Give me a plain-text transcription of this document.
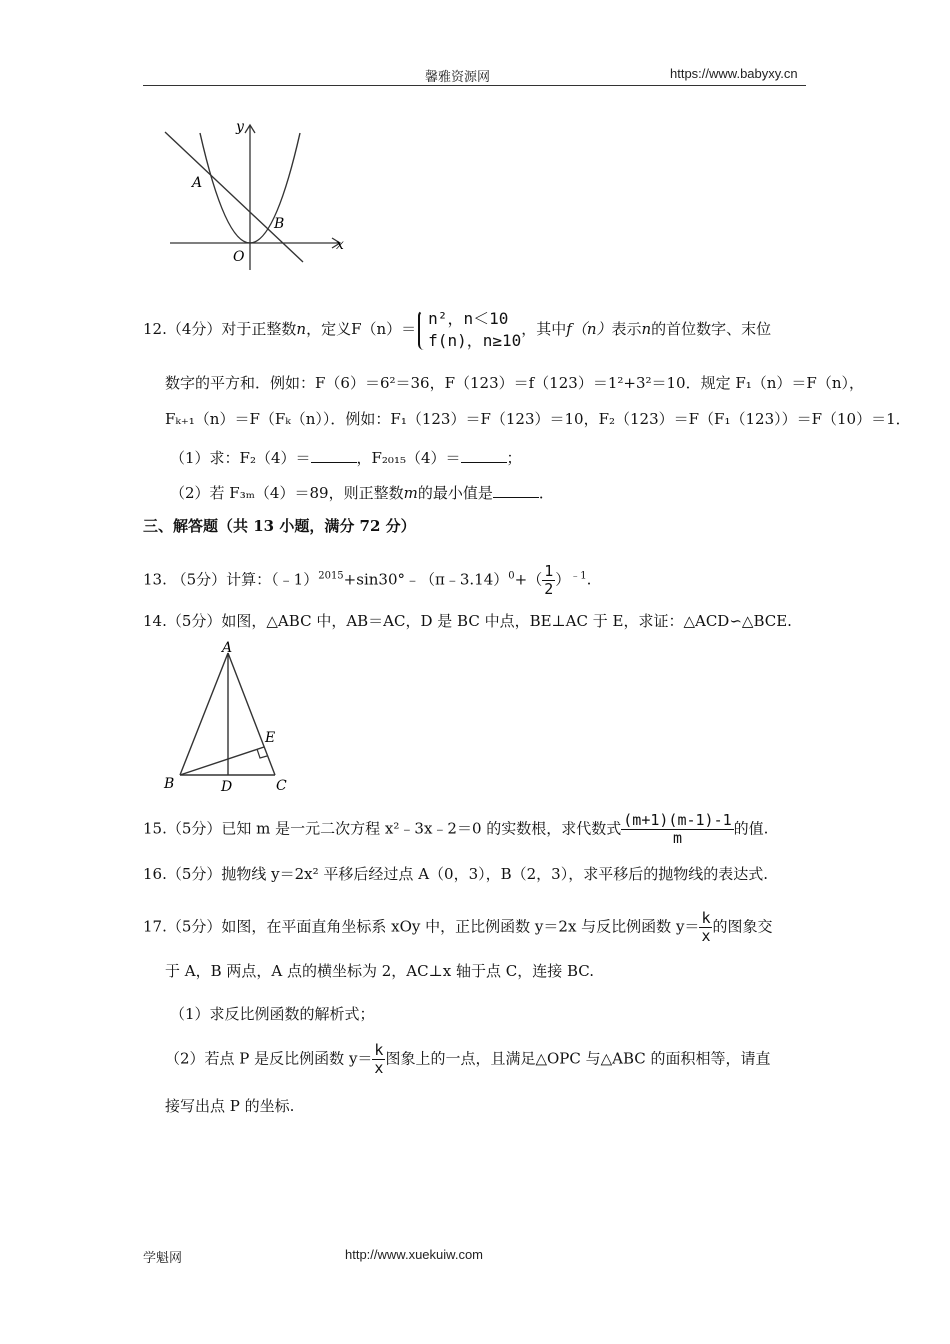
馨雅资源网	https://www.babyxy.cn
y
x
A
B
O
12.（4分）对于正整数n，定义F（n）＝
n²，n＜10
f(n)，n≥10
，其中f（n）表示n的首位数字、末位
数字的平方和．例如：F（6）＝6²＝36，F（123）＝f（123）＝1²+3²＝10．规定 F₁（n）＝F（n），
Fₖ₊₁（n）＝F（Fₖ（n））．例如：F₁（123）＝F（123）＝10，F₂（123）＝F（F₁（123））＝F（10）＝1．
（1）求：F₂（4）＝	，F₂₀₁₅（4）＝	；
（2）若 F₃ₘ（4）＝89，则正整数m的最小值是	．
三、解答题（共 13 小题，满分 72 分）
13. （5分）计算：（﹣1）$^{2015}$+sin30°﹣（π﹣3.14）$^0$+（ $\frac{1}{2} )^{﹣1}$.
14.（5分）如图，△ABC 中，AB＝AC，D 是 BC 中点，BE⊥AC 于 E，求证：△ACD∽△BCE.
A
B	C
D
E
15.（5分）已知 m 是一元二次方程 x²﹣3x﹣2＝0 的实数根，求代数式 $\frac{(m+1)(m-1)-1}{m}$ 的值.
16.（5分）抛物线 y＝2x² 平移后经过点 A（0，3），B（2，3），求平移后的抛物线的表达式.
17.（5分）如图，在平面直角坐标系 xOy 中，正比例函数 y＝2x 与反比例函数 $y= \frac{k}{x}$ 的图象交
于 A，B 两点，A 点的横坐标为 2，AC⊥x 轴于点 C，连接 BC.
（1）求反比例函数的解析式；
（2）若点 P 是反比例函数 $y= \frac{k}{x}$ 图象上的一点，且满足△OPC 与△ABC 的面积相等，请直
接写出点 P 的坐标.
学魁网	http://www.xuekuiw.com
